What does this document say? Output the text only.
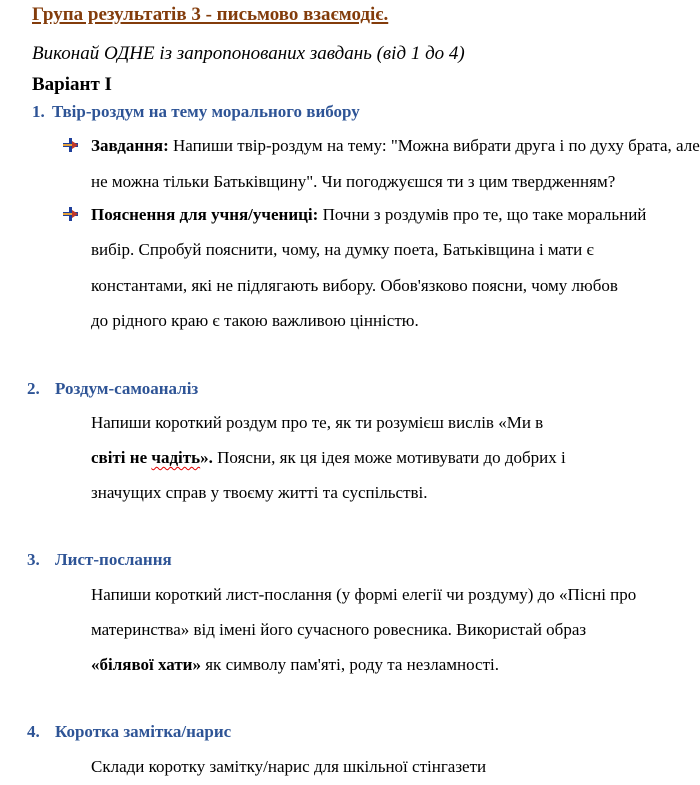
Група результатів 3 - письмово взаємодіє.
Виконай ОДНЕ із запропонованих завдань (від 1 до 4)
Варіант І
1. Твір-роздум на тему морального вибору
Завдання: Напиши твір-роздум на тему: "Можна вибрати друга і по духу брата, але
не можна тільки Батьківщину". Чи погоджуєшся ти з цим твердженням?
Пояснення для учня/учениці: Почни з роздумів про те, що таке моральний
вибір. Спробуй пояснити, чому, на думку поета, Батьківщина і мати є
константами, які не підлягають вибору. Обов'язково поясни, чому любов
до рідного краю є такою важливою цінністю.
2. Роздум-самоаналіз
Напиши короткий роздум про те, як ти розумієш вислів «Ми в
світі не чадіть». Поясни, як ця ідея може мотивувати до добрих і
значущих справ у твоєму житті та суспільстві.
3. Лист-послання
Напиши короткий лист-послання (у формі елегії чи роздуму) до «Пісні про
материнства» від імені його сучасного ровесника. Використай образ
«білявої хати» як символу пам'яті, роду та незламності.
4. Коротка замітка/нарис
Склади коротку замітку/нарис для шкільної стінгазети
